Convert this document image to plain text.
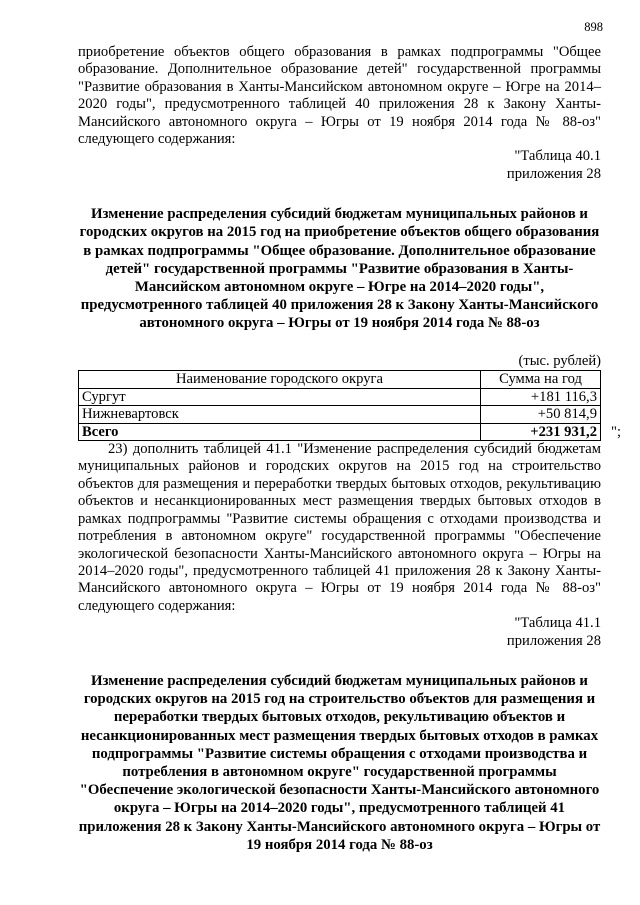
898

приобретение объектов общего образования в рамках подпрограммы "Общее образование. Дополнительное образование детей" государственной программы "Развитие образования в Ханты-Мансийском автономном округе – Югре на 2014–2020 годы", предусмотренного таблицей 40 приложения 28 к Закону Ханты-Мансийского автономного округа – Югры от 19 ноября 2014 года № 88-оз" следующего содержания:

"Таблица 40.1
приложения 28

Изменение распределения субсидий бюджетам муниципальных районов и городских округов на 2015 год на приобретение объектов общего образования в рамках подпрограммы "Общее образование. Дополнительное образование детей" государственной программы "Развитие образования в Ханты-Мансийском автономном округе – Югре на 2014–2020 годы", предусмотренного таблицей 40 приложения 28 к Закону Ханты-Мансийского автономного округа – Югры от 19 ноября 2014 года № 88-оз

(тыс. рублей)
Наименование городского округа	Сумма на год
Сургут	+181 116,3
Нижневартовск	+50 814,9
Всего	+231 931,2 ";

23) дополнить таблицей 41.1 "Изменение распределения субсидий бюджетам муниципальных районов и городских округов на 2015 год на строительство объектов для размещения и переработки твердых бытовых отходов, рекультивацию объектов и несанкционированных мест размещения твердых бытовых отходов в рамках подпрограммы "Развитие системы обращения с отходами производства и потребления в автономном округе" государственной программы "Обеспечение экологической безопасности Ханты-Мансийского автономного округа – Югры на 2014–2020 годы", предусмотренного таблицей 41 приложения 28 к Закону Ханты-Мансийского автономного округа – Югры от 19 ноября 2014 года № 88-оз" следующего содержания:

"Таблица 41.1
приложения 28

Изменение распределения субсидий бюджетам муниципальных районов и городских округов на 2015 год на строительство объектов для размещения и переработки твердых бытовых отходов, рекультивацию объектов и несанкционированных мест размещения твердых бытовых отходов в рамках подпрограммы "Развитие системы обращения с отходами производства и потребления в автономном округе" государственной программы "Обеспечение экологической безопасности Ханты-Мансийского автономного округа – Югры на 2014–2020 годы", предусмотренного таблицей 41 приложения 28 к Закону Ханты-Мансийского автономного округа – Югры от 19 ноября 2014 года № 88-оз
